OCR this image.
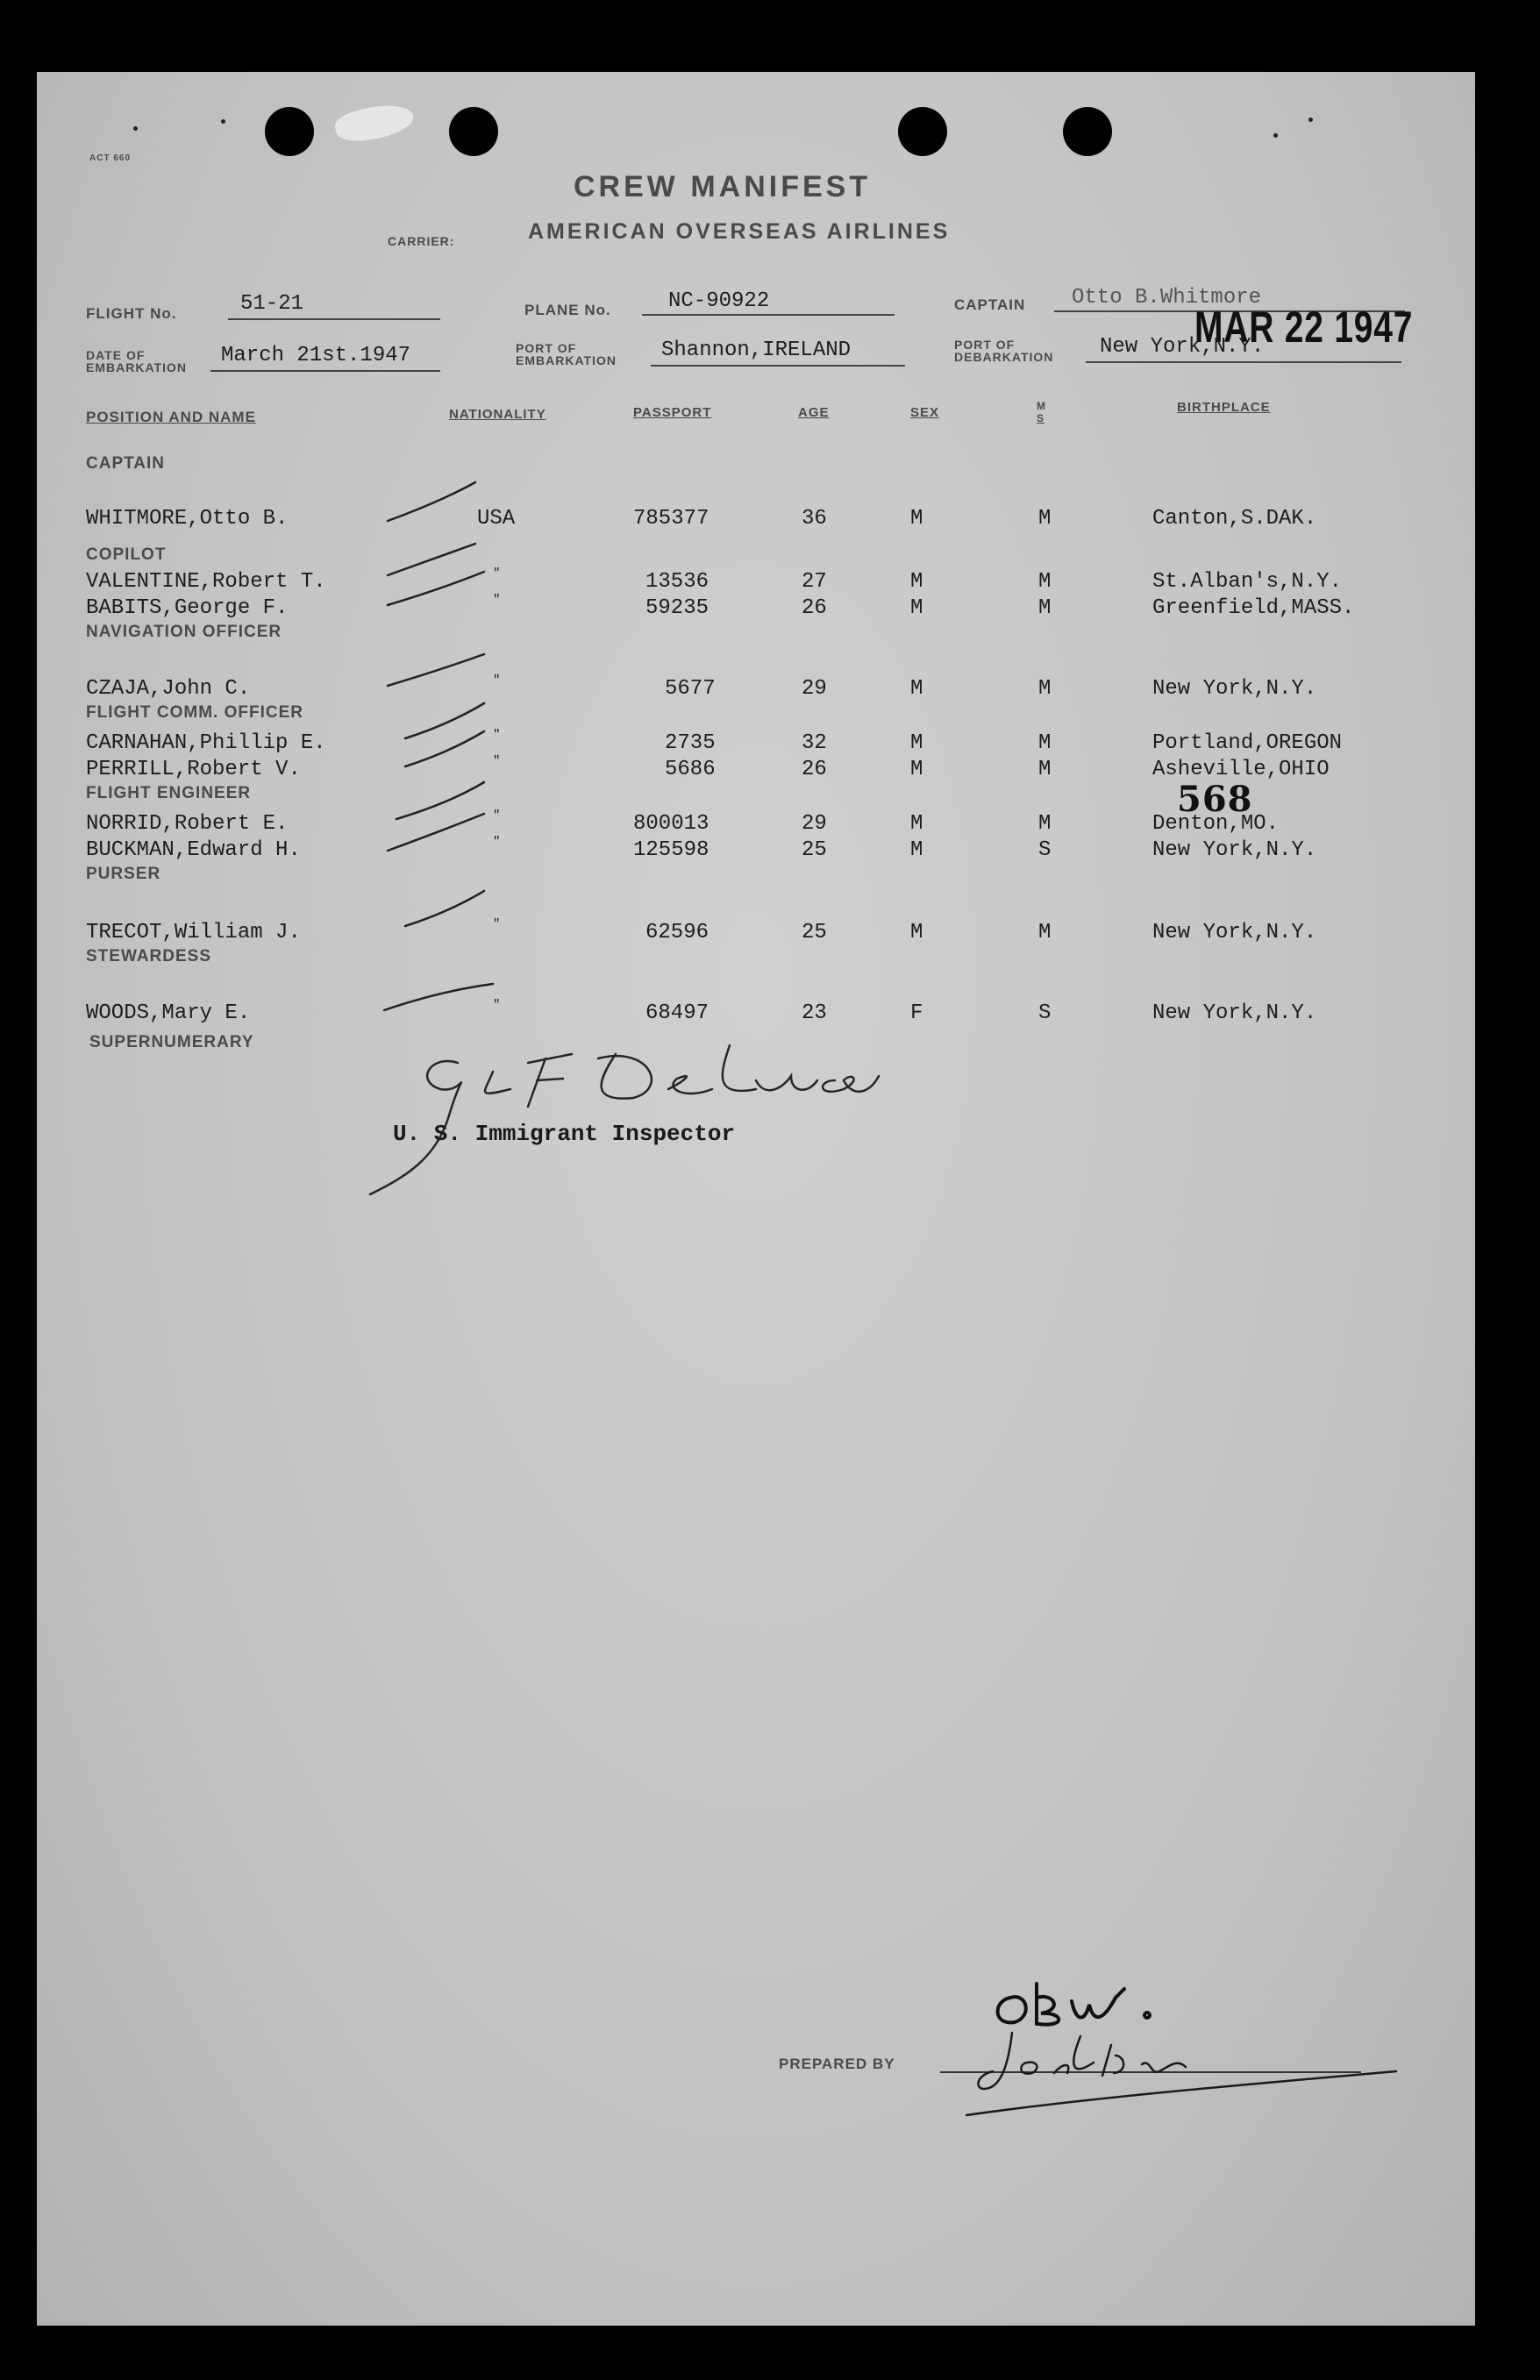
ACT 660
CREW MANIFEST
CARRIER:	AMERICAN OVERSEAS AIRLINES
FLIGHT No.	51-21	PLANE No.	NC-90922	CAPTAIN Otto B.Whitmore
MAR 22 1947
DATE OF
EMBARKATION March 21st.1947	PORT OF
EMBARKATION Shannon,IRELAND	PORT OF
DEBARKATION New York,N.Y.
POSITION AND NAME	NATIONALITY	PASSPORT	AGE	SEX	M
S
BIRTHPLACE
CAPTAIN
WHITMORE,Otto B.	USA	785377	36	M	M	Canton,S.DAK.
COPILOT
VALENTINE,Robert T.	"	13536	27	M	M	St.Alban's,N.Y.
BABITS,George F.	"	59235	26	M	M	Greenfield,MASS.
NAVIGATION OFFICER
CZAJA,John C.	"	5677	29	M	M	New York,N.Y.
FLIGHT COMM. OFFICER
CARNAHAN,Phillip E.	"	2735	32	M	M	Portland,OREGON
PERRILL,Robert V.	"	5686	26	M	M	Asheville,OHIO
568
FLIGHT ENGINEER
NORRID,Robert E.	"	800013	29	M	M	Denton,MO.
BUCKMAN,Edward H.	"	125598	25	M	S	New York,N.Y.
PURSER
TRECOT,William J.	"	62596	25	M	M	New York,N.Y.
STEWARDESS
WOODS,Mary E.	"	68497	23	F	S	New York,N.Y.
SUPERNUMERARY
U. S. Immigrant Inspector
PREPARED BY
